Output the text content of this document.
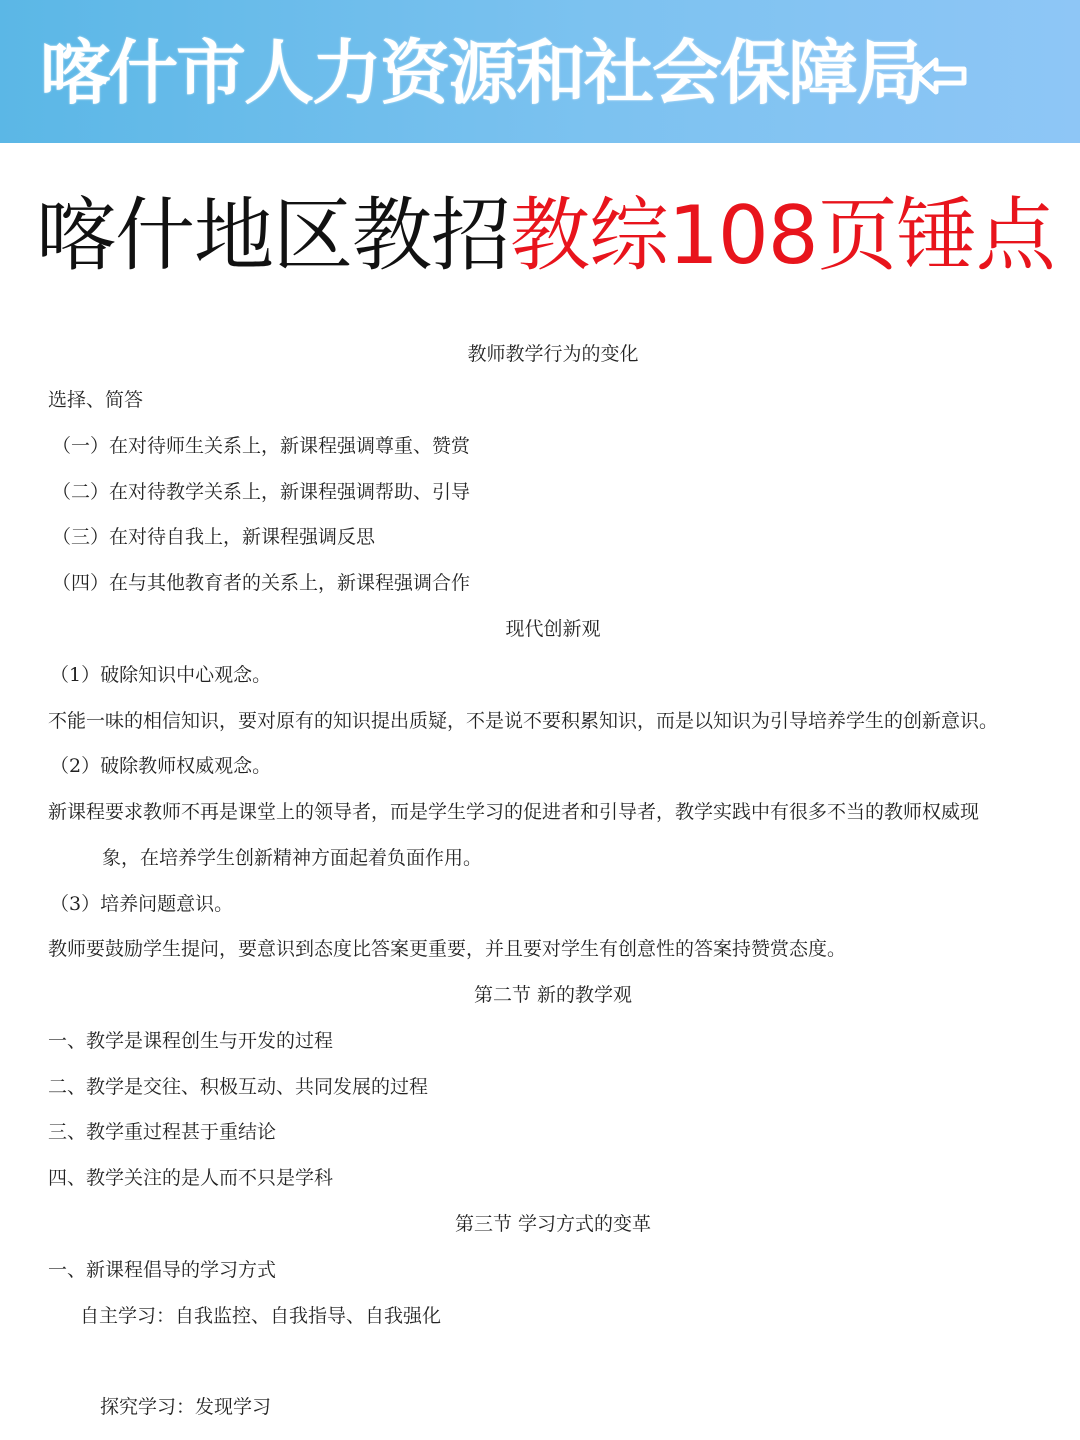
喀什市人力资源和社会保障局
喀什地区教招教综108页锤点
教师教学行为的变化
选择、简答
（一）在对待师生关系上，新课程强调尊重、赞赏
（二）在对待教学关系上，新课程强调帮助、引导
（三）在对待自我上，新课程强调反思
（四）在与其他教育者的关系上，新课程强调合作
现代创新观
（1）破除知识中心观念。
不能一味的相信知识，要对原有的知识提出质疑，不是说不要积累知识，而是以知识为引导培养学生的创新意识。
（2）破除教师权威观念。
新课程要求教师不再是课堂上的领导者，而是学生学习的促进者和引导者，教学实践中有很多不当的教师权威现
象，在培养学生创新精神方面起着负面作用。
（3）培养问题意识。
教师要鼓励学生提问，要意识到态度比答案更重要，并且要对学生有创意性的答案持赞赏态度。
第二节 新的教学观
一、教学是课程创生与开发的过程
二、教学是交往、积极互动、共同发展的过程
三、教学重过程甚于重结论
四、教学关注的是人而不只是学科
第三节 学习方式的变革
一、新课程倡导的学习方式
自主学习：自我监控、自我指导、自我强化
探究学习：发现学习
